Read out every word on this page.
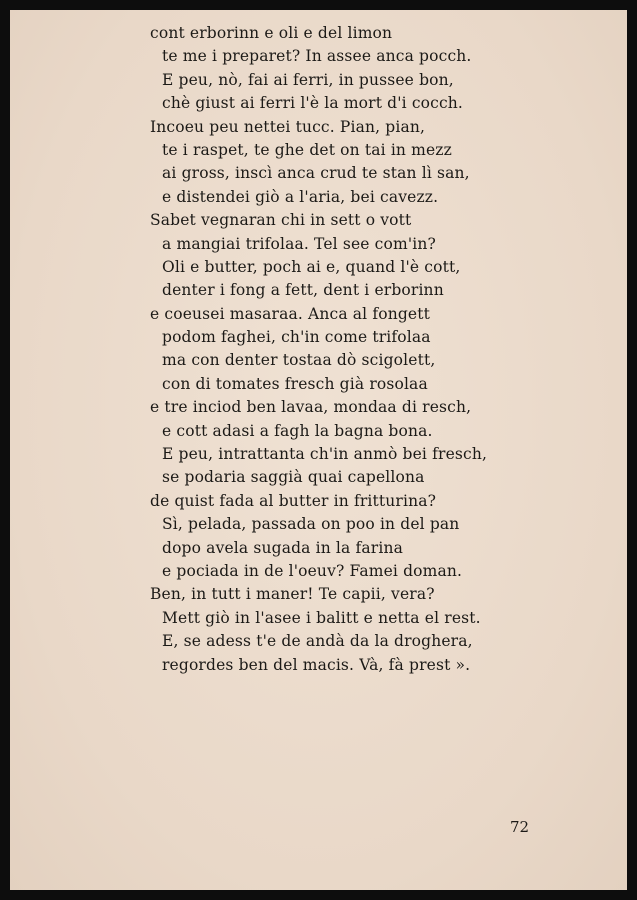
cont erborinn e oli e del limon
te me i preparet? In assee anca pocch.
E peu, nò, fai ai ferri, in pussee bon,
chè giust ai ferri l'è la mort d'i cocch.
Incoeu peu nettei tucc. Pian, pian,
te i raspet, te ghe det on tai in mezz
ai gross, inscì anca crud te stan lì san,
e distendei giò a l'aria, bei cavezz.
Sabet vegnaran chi in sett o vott
a mangiai trifolaa. Tel see com'in?
Oli e butter, poch ai e, quand l'è cott,
denter i fong a fett, dent i erborinn
e coeusei masaraa. Anca al fongett
podom faghei, ch'in come trifolaa
ma con denter tostaa dò scigolett,
con di tomates fresch già rosolaa
e tre inciod ben lavaa, mondaa di resch,
e cott adasi a fagh la bagna bona.
E peu, intrattanta ch'in anmò bei fresch,
se podaria saggià quai capellona
de quist fada al butter in fritturina?
Sì, pelada, passada on poo in del pan
dopo avela sugada in la farina
e pociada in de l'oeuv? Famei doman.
Ben, in tutt i maner! Te capii, vera?
Mett giò in l'asee i balitt e netta el rest.
E, se adess t'e de andà da la droghera,
regordes ben del macis. Và, fà prest ».
72
